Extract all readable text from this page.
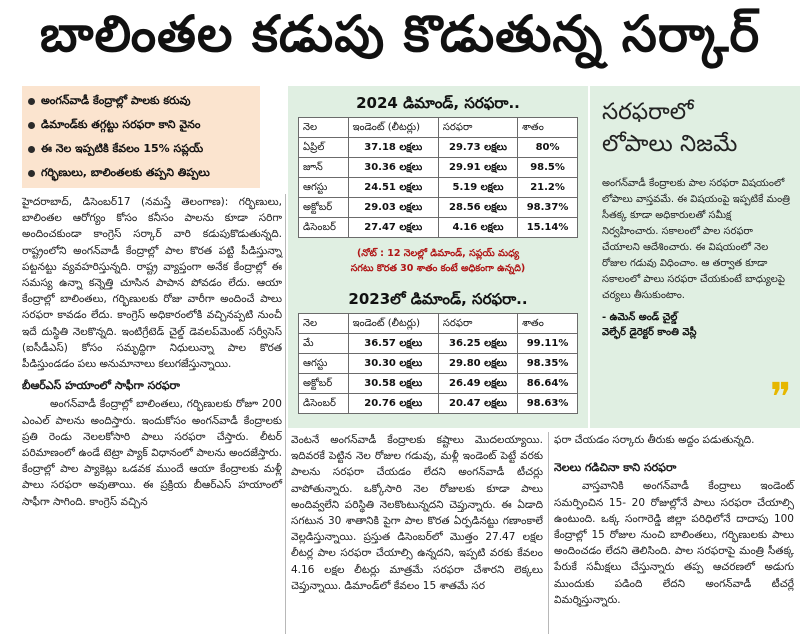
బాలింతల కడుపు కొడుతున్న సర్కార్
అంగన్‌వాడీ కేంద్రాల్లో పాలకు కరువు
డిమాండ్‌కు తగ్గట్టు సరఫరా కాని వైనం
ఈ నెల ఇప్పటికి కేవలం 15% సప్లయ్
గర్భిణులు, బాలింతలకు తప్పని తిప్పలు

హైదరాబాద్, డిసెంబర్17 (నమస్తే తెలంగాణ): గర్భిణులు, బాలింతల ఆరోగ్యం కోసం కనీసం పాలను కూడా సరిగా అందించకుండా కాంగ్రెస్ సర్కార్ వారి కడుపుకొడుతున్నది. రాష్ట్రంలోని అంగన్‌వాడీ కేంద్రాల్లో పాల కొరత పట్టి పీడిస్తున్నా పట్టనట్టు వ్యవహరిస్తున్నది. రాష్ట్ర వ్యాప్తంగా అనేక కేంద్రాల్లో ఈ సమస్య ఉన్నా కన్నెత్తి చూసిన పాపాన పోవడం లేదు. ఆయా కేంద్రాల్లో బాలింతలు, గర్భిణులకు రోజు వారీగా అందించే పాలు సరఫరా కావడం లేదు. కాంగ్రెస్ అధికారంలోకి వచ్చినప్పటి నుంచీ ఇదే దుస్థితి నెలకొన్నది. ఇంటిగ్రేటెడ్ చైల్డ్ డెవలప్‌మెంట్ సర్వీసెస్ (ఐసీడీఎస్) కోసం సమృద్ధిగా నిధులున్నా పాల కొరత పీడిస్తుండడం పలు అనుమానాలు కలుగజేస్తున్నాయి.

బీఆర్ఎస్ హయాంలో సాఫీగా సరఫరా

అంగన్‌వాడీ కేంద్రాల్లో బాలింతలు, గర్భిణులకు రోజూ 200 ఎంఎల్ పాలను అందిస్తారు. ఇందుకోసం అంగన్‌వాడీ కేంద్రాలకు ప్రతి రెండు నెలలకోసారి పాలు సరఫరా చేస్తారు. లీటర్ పరిమాణంలో ఉండే టెట్రా ప్యాక్ విధానంలో పాలను అందజేస్తారు. కేంద్రాల్లో పాల ప్యాకెట్లు ఒడవక ముందే ఆయా కేంద్రాలకు మళ్లీ పాలు సరఫరా అవుతాయి. ఈ ప్రక్రియ బీఆర్ఎస్ హయాంలో సాఫీగా సాగింది. కాంగ్రెస్ వచ్చిన

2024 డిమాండ్, సరఫరా..
నెల	ఇండెంట్ (లీటర్లు)	సరఫరా	శాతం
ఏప్రిల్	37.18 లక్షలు	29.73 లక్షలు	80%
జూన్	30.36 లక్షలు	29.91 లక్షలు	98.5%
ఆగస్టు	24.51 లక్షలు	5.19 లక్షలు	21.2%
అక్టోబర్	29.03 లక్షలు	28.56 లక్షలు	98.37%
డిసెంబర్	27.47 లక్షలు	4.16 లక్షలు	15.14%
(నోట్ : 12 నెలల్లో డిమాండ్, సప్లయ్ మధ్య
సగటు కొరత 30 శాతం కంటే అధికంగా ఉన్నది)
2023లో డిమాండ్, సరఫరా..
నెల	ఇండెంట్ (లీటర్లు)	సరఫరా	శాతం
మే	36.57 లక్షలు	36.25 లక్షలు	99.11%
ఆగస్టు	30.30 లక్షలు	29.80 లక్షలు	98.35%
అక్టోబర్	30.58 లక్షలు	26.49 లక్షలు	86.64%
డిసెంబర్	20.76 లక్షలు	20.47 లక్షలు	98.63%
సరఫరాలో
లోపాలు నిజమే
అంగన్‌వాడీ కేంద్రాలకు పాల సరఫరా విషయంలో లోపాలు వాస్తవమే. ఈ విషయంపై ఇప్పటికే మంత్రి సీతక్క కూడా అధికారులతో సమీక్ష నిర్వహించారు. సకాలంలో పాల సరఫరా చేయాలని ఆదేశించారు. ఈ విషయంలో నెల రోజుల గడువు విధించాం. ఆ తర్వాత కూడా సకాలంలో పాలు సరఫరా చేయకుంటే బాధ్యులపై చర్యలు తీసుకుంటాం.
- ఉమెన్ అండ్ చైల్డ్
వెల్ఫేర్ డైరెక్టర్ కాంతి వెస్లీ
❞

వెంటనే అంగన్‌వాడీ కేంద్రాలకు కష్టాలు మొదలయ్యాయి. ఇదివరకే పెట్టిన నెల రోజుల గడువు, మళ్లీ ఇండెంట్ పెట్టే వరకు పాలను సరఫరా చేయడం లేదని అంగన్‌వాడీ టీచర్లు వాపోతున్నారు. ఒక్కోసారి నెల రోజులకు కూడా పాలు అందివ్వలేని పరిస్థితి నెలకొంటున్నదని చెప్తున్నారు. ఈ ఏడాది సగటున 30 శాతానికి పైగా పాల కొరత ఏర్పడినట్టు గణాంకాలే వెల్లడిస్తున్నాయి. ప్రస్తుత డిసెంబర్‌లో మొత్తం 27.47 లక్షల లీటర్ల పాల సరఫరా చేయాల్సి ఉన్నదని, ఇప్పటి వరకు కేవలం 4.16 లక్షల లీటర్లు మాత్రమే సరఫరా చేశారని లెక్కలు చెప్తున్నాయి. డిమాండ్‌లో కేవలం 15 శాతమే సర

ఫరా చేయడం సర్కారు తీరుకు అద్దం పడుతున్నది.

నెలలు గడిచినా కాని సరఫరా

వాస్తవానికి అంగన్‌వాడీ కేంద్రాలు ఇండెంట్ సమర్పించిన 15- 20 రోజుల్లోనే పాలు సరఫరా చేయాల్సి ఉంటుంది. ఒక్క సంగారెడ్డి జిల్లా పరిధిలోనే దాదాపు 100 కేంద్రాల్లో 15 రోజుల నుంచి బాలింతలు, గర్భిణులకు పాలు అందించడం లేదని తెలిసింది. పాల సరఫరాపై మంత్రి సీతక్క పేరుకే సమీక్షలు చేస్తున్నారు తప్ప ఆచరణలో అడుగు ముందుకు పడింది లేదని అంగన్‌వాడీ టీచర్లే విమర్శిస్తున్నారు.
